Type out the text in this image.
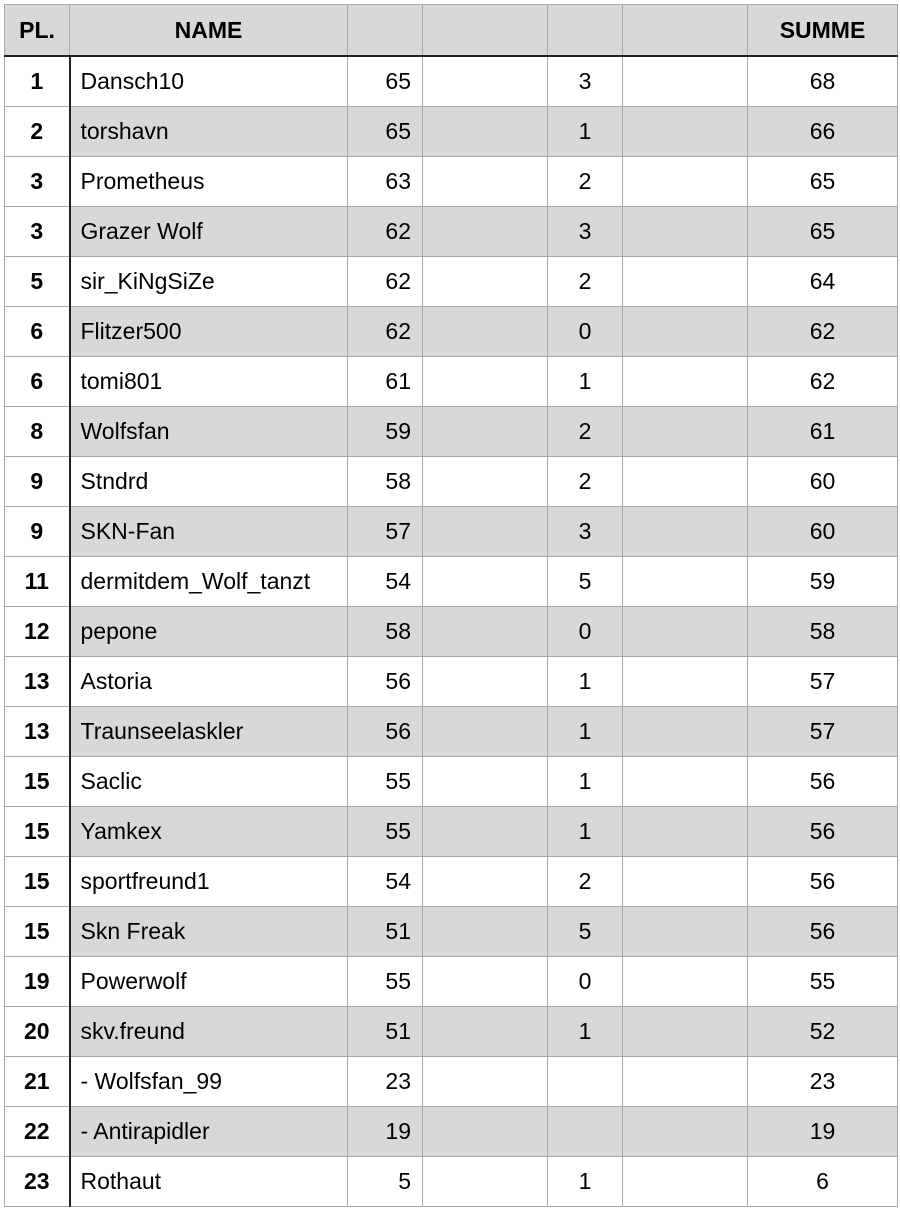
PL.	NAME					SUMME
1	Dansch10	65		3		68
2	torshavn	65		1		66
3	Prometheus	63		2		65
3	Grazer Wolf	62		3		65
5	sir_KiNgSiZe	62		2		64
6	Flitzer500	62		0		62
6	tomi801	61		1		62
8	Wolfsfan	59		2		61
9	Stndrd	58		2		60
9	SKN-Fan	57		3		60
11	dermitdem_Wolf_tanzt	54		5		59
12	pepone	58		0		58
13	Astoria	56		1		57
13	Traunseelaskler	56		1		57
15	Saclic	55		1		56
15	Yamkex	55		1		56
15	sportfreund1	54		2		56
15	Skn Freak	51		5		56
19	Powerwolf	55		0		55
20	skv.freund	51		1		52
21	- Wolfsfan_99	23				23
22	- Antirapidler	19				19
23	Rothaut	5		1		6
